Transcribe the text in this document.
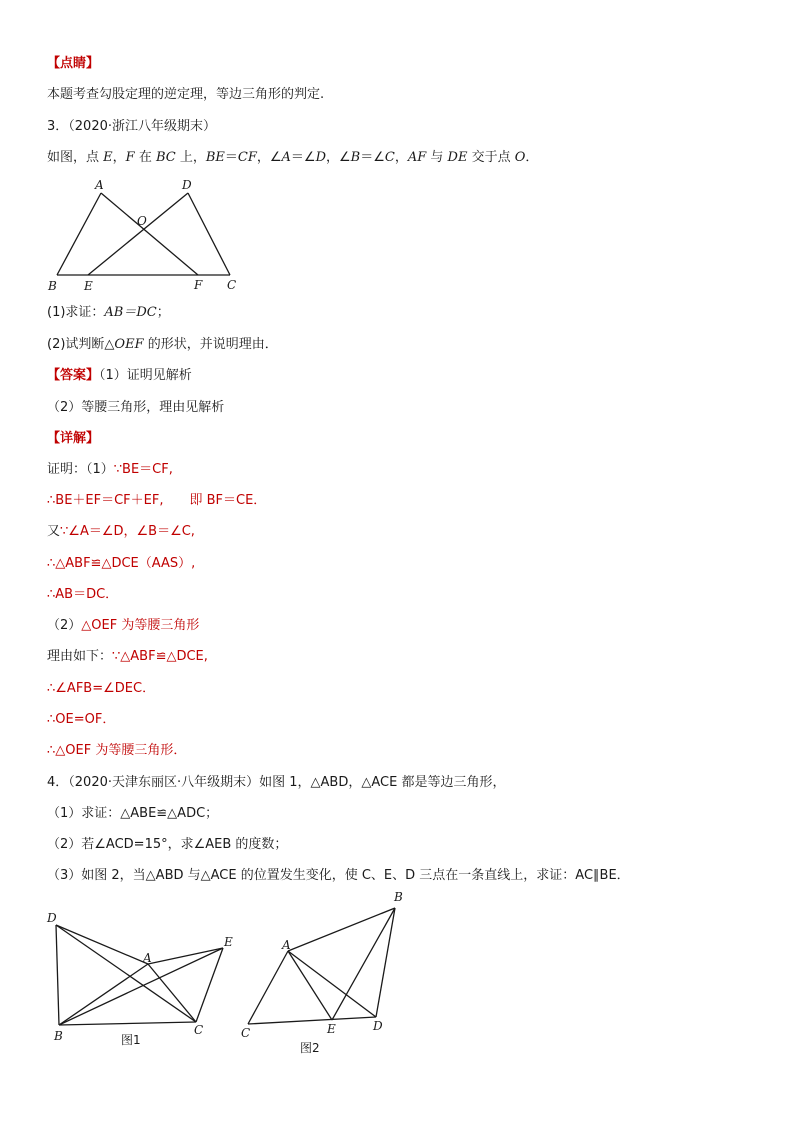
【点睛】
本题考查勾股定理的逆定理，等边三角形的判定.
3．（2020·浙江八年级期末）
如图，点 E，F 在 BC 上，BE＝CF，∠A＝∠D，∠B＝∠C，AF 与 DE 交于点 O．
A	D
O
B E	F C
(1)求证：AB＝DC；
(2)试判断△OEF 的形状，并说明理由．
【答案】（1）证明见解析
（2）等腰三角形，理由见解析
【详解】
证明：（1）∵BE＝CF,
∴BE＋EF＝CF＋EF,　　即 BF＝CE．
又∵∠A＝∠D，∠B＝∠C,
∴△ABF≌△DCE（AAS）,
∴AB＝DC．
（2）△OEF 为等腰三角形
理由如下：∵△ABF≌△DCE,
∴∠AFB=∠DEC．
∴OE=OF．
∴△OEF 为等腰三角形．
4．（2020·天津东丽区·八年级期末）如图 1，△ABD，△ACE 都是等边三角形，
（1）求证：△ABE≌△ADC；
（2）若∠ACD=15°，求∠AEB 的度数；
（3）如图 2，当△ABD 与△ACE 的位置发生变化，使 C、E、D 三点在一条直线上，求证：AC∥BE．
D
A
E
B	C
图1
A
B
C	E	D
图2
